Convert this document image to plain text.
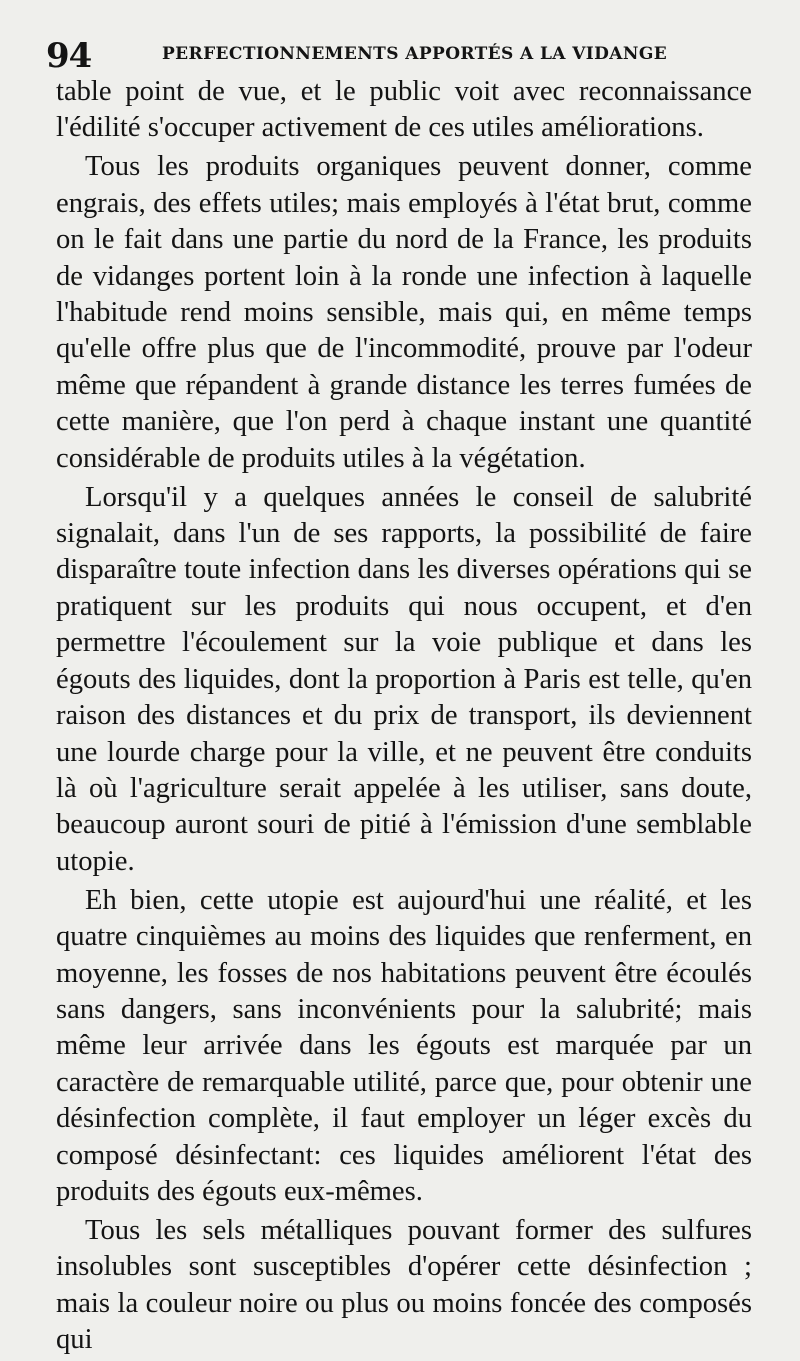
94	PERFECTIONNEMENTS APPORTÉS A LA VIDANGE

table point de vue, et le public voit avec reconnaissance l'édilité s'occuper activement de ces utiles améliorations.

Tous les produits organiques peuvent donner, comme engrais, des effets utiles; mais employés à l'état brut, comme on le fait dans une partie du nord de la France, les produits de vidanges portent loin à la ronde une infection à laquelle l'habitude rend moins sensible, mais qui, en même temps qu'elle offre plus que de l'incommodité, prouve par l'odeur même que répandent à grande distance les terres fumées de cette manière, que l'on perd à chaque instant une quantité considérable de produits utiles à la végétation.

Lorsqu'il y a quelques années le conseil de salubrité signalait, dans l'un de ses rapports, la possibilité de faire disparaître toute infection dans les diverses opérations qui se pratiquent sur les produits qui nous occupent, et d'en permettre l'écoulement sur la voie publique et dans les égouts des liquides, dont la proportion à Paris est telle, qu'en raison des distances et du prix de transport, ils deviennent une lourde charge pour la ville, et ne peuvent être conduits là où l'agriculture serait appelée à les utiliser, sans doute, beaucoup auront souri de pitié à l'émission d'une semblable utopie.

Eh bien, cette utopie est aujourd'hui une réalité, et les quatre cinquièmes au moins des liquides que renferment, en moyenne, les fosses de nos habitations peuvent être écoulés sans dangers, sans inconvénients pour la salubrité; mais même leur arrivée dans les égouts est marquée par un caractère de remarquable utilité, parce que, pour obtenir une désinfection complète, il faut employer un léger excès du composé désinfectant: ces liquides améliorent l'état des produits des égouts eux-mêmes.

Tous les sels métalliques pouvant former des sulfures insolubles sont susceptibles d'opérer cette désinfection ; mais la couleur noire ou plus ou moins foncée des composés qui
